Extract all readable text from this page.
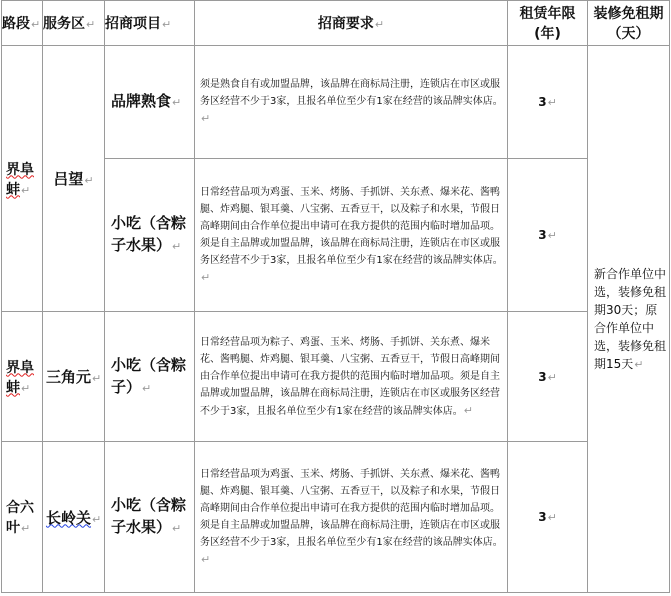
路段↵	服务区↵	招商项目↵	招商要求↵	租赁年限(年)	装修免租期（天）
界阜蚌↵	吕望↵	品牌熟食↵	须是熟食自有或加盟品牌，该品牌在商标局注册，连锁店在市区或服务区经营不少于3家，且报名单位至少有1家在经营的该品牌实体店。↵	3↵	新合作单位中选，装修免租期30天；原合作单位中选，装修免租期15天↵
		小吃（含粽子水果）↵	日常经营品项为鸡蛋、玉米、烤肠、手抓饼、关东煮、爆米花、酱鸭腿、炸鸡腿、银耳羹、八宝粥、五香豆干，以及粽子和水果，节假日高峰期间由合作单位提出申请可在我方提供的范围内临时增加品项。须是自主品牌或加盟品牌，该品牌在商标局注册，连锁店在市区或服务区经营不少于3家，且报名单位至少有1家在经营的该品牌实体店。↵	3↵	
界阜蚌↵	三角元↵	小吃（含粽子）↵	日常经营品项为粽子、鸡蛋、玉米、烤肠、手抓饼、关东煮、爆米花、酱鸭腿、炸鸡腿、银耳羹、八宝粥、五香豆干，节假日高峰期间由合作单位提出申请可在我方提供的范围内临时增加品项。须是自主品牌或加盟品牌，该品牌在商标局注册，连锁店在市区或服务区经营不少于3家，且报名单位至少有1家在经营的该品牌实体店。↵	3↵	
合六叶↵	长岭关↵	小吃（含粽子水果）↵	日常经营品项为鸡蛋、玉米、烤肠、手抓饼、关东煮、爆米花、酱鸭腿、炸鸡腿、银耳羹、八宝粥、五香豆干，以及粽子和水果，节假日高峰期间由合作单位提出申请可在我方提供的范围内临时增加品项。须是自主品牌或加盟品牌，该品牌在商标局注册，连锁店在市区或服务区经营不少于3家，且报名单位至少有1家在经营的该品牌实体店。↵	3↵	
